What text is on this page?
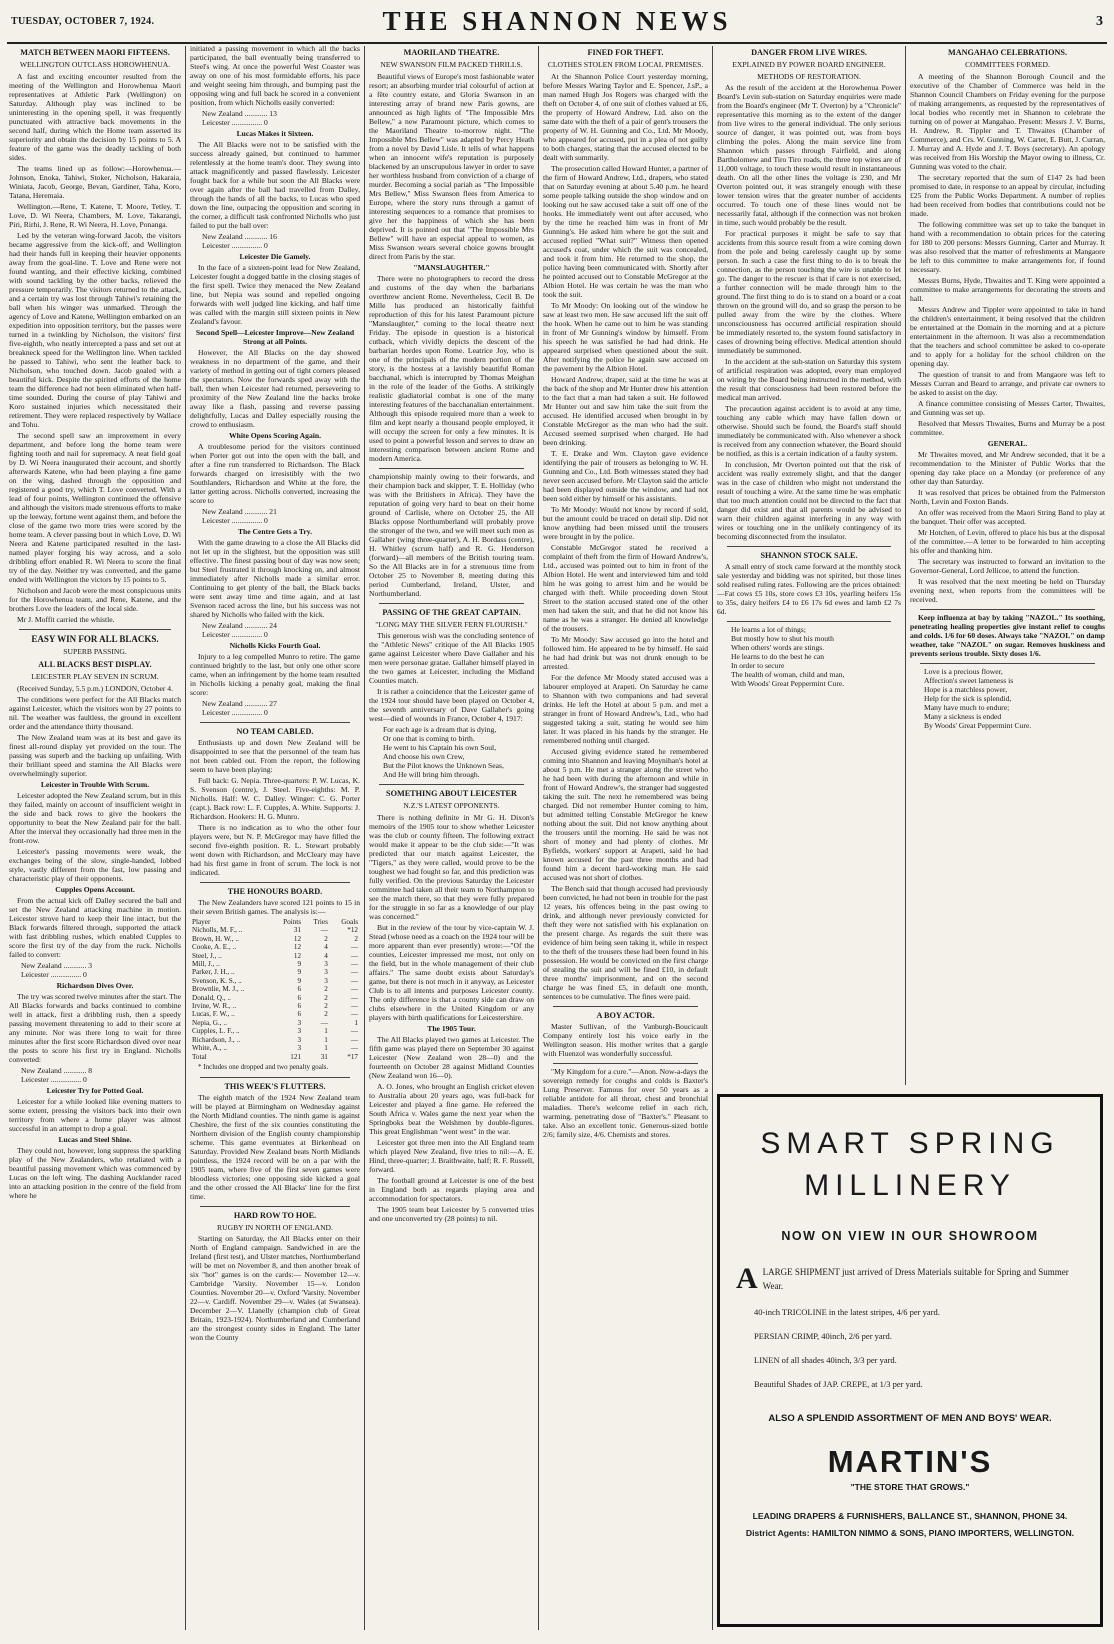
TUESDAY, OCTOBER 7, 1924.	THE SHANNON NEWS	3
MATCH BETWEEN MAORI FIFTEENS.
WELLINGTON OUTCLASS HOROWHENUA.

A fast and exciting encounter resulted from the meeting of the Wellington and Horowhenua Maori representatives at Athletic Park (Wellington) on Saturday. Although play was inclined to be uninteresting in the opening spell, it was frequently punctuated with attractive back movements in the second half, during which the Home team asserted its superiority and obtain the decision by 15 points to 5. A feature of the game was the deadly tackling of both sides.

The teams lined up as follow:—Horowhenua.—Johnson, Enoka, Tahiwi, Stoker, Nicholson, Hakaraia, Winiata, Jacob, George, Bevan, Gardiner, Taha, Koro, Tatana, Heremaia.

Wellington.—Rene, T. Katene, T. Moore, Tetley, T. Love, D. Wi Neera, Chambers, M. Love, Takarangi, Piri, Rirhi, J. Rene, R. Wi Neera, H. Love, Ponanga.

Led by the veteran wing-forward Jacob, the visitors became aggressive from the kick-off, and Wellington had their hands full in keeping their heavier opponents away from the goal-line. T. Love and Rene were not found wanting, and their effective kicking, combined with sound tackling by the other backs, relieved the pressure temporarily. The visitors returned to the attack, and a certain try was lost through Tahiwi's retaining the ball when his winger was unmarked. Through the agency of Love and Katene, Wellington embarked on an expedition into opposition territory, but the passes were turned in a twinkling by Nicholson, the visitors' first five-eighth, who neatly intercepted a pass and set out at breakneck speed for the Wellington line. When tackled he passed to Tahiwi, who sent the leather back to Nicholson, who touched down. Jacob goaled with a beautiful kick. Despite the spirited efforts of the home team the difference had not been eliminated when half-time sounded. During the course of play Tahiwi and Koro sustained injuries which necessitated their retirement. They were replaced respectively by Wallace and Tohu.

The second spell saw an improvement in every department, and before long the home team were fighting tooth and nail for supremacy. A neat field goal by D. Wi Neera inaugurated their account, and shortly afterwards Katene, who had been playing a fine game on the wing, dashed through the opposition and registered a good try, which T. Love converted. With a lead of four points, Wellington continued the offensive and although the visitors made strenuous efforts to make up the leeway, fortune went against them, and before the close of the game two more tries were scored by the home team. A clever passing bout in which Love, D. Wi Neera and Katene participated resulted in the last-named player forging his way across, and a solo dribbling effort enabled R. Wi Neera to score the final try of the day. Neither try was converted, and the game ended with Wellington the victors by 15 points to 5.

Nicholson and Jacob were the most conspicuous units for the Horowhenua team, and Rene, Katene, and the brothers Love the leaders of the local side.

Mr J. Moffit carried the whistle.

EASY WIN FOR ALL BLACKS.
SUPERB PASSING.
ALL BLACKS BEST DISPLAY.
LEICESTER PLAY SEVEN IN SCRUM.
(Received Sunday, 5.5 p.m.) LONDON, October 4.

The conditions were perfect for the All Blacks match against Leicester, which the visitors won by 27 points to nil. The weather was faultless, the ground in excellent order and the attendance thirty thousand.

The New Zealand team was at its best and gave its finest all-round display yet provided on the tour. The passing was superb and the backing up unfailing. With their brilliant speed and stamina the All Blacks were overwhelmingly superior.

Leicester in Trouble With Scrum.

Leicester adopted the New Zealand scrum, but in this they failed, mainly on account of insufficient weight in the side and back rows to give the hookers the opportunity to beat the New Zealand pair for the ball. After the interval they occasionally had three men in the front-row.

Leicester's passing movements were weak, the exchanges being of the slow, single-handed, lobbed style, vastly different from the fast, low passing and characteristic play of their opponents.

Cupples Opens Account.

From the actual kick off Dalley secured the ball and set the New Zealand attacking machine in motion. Leicester strove hard to keep their line intact, but the Black forwards filtered through, supported the attack with fast dribbling rushes, which enabled Cupples to score the first try of the day from the ruck. Nicholls failed to convert:

New Zealand ............ 3
Leicester ................ 0

Richardson Dives Over.

The try was scored twelve minutes after the start. The All Blacks forwards and backs continued to combine well in attack, first a dribbling rush, then a speedy passing movement threatening to add to their score at any minute. Nor was there long to wait for three minutes after the first score Richardson dived over near the posts to score his first try in England. Nicholls converted:

New Zealand ............ 8
Leicester ................ 0

Leicester Try for Potted Goal.

Leicester for a while looked like evening matters to some extent, pressing the visitors back into their own territory from where a home player was almost successful in an attempt to drop a goal.

Lucas and Steel Shine.

They could not, however, long suppress the sparkling play of the New Zealanders, who retaliated with a beautiful passing movement which was commenced by Lucas on the left wing. The dashing Aucklander raced into an attacking position in the centre of the field from where he

initiated a passing movement in which all the backs participated, the ball eventually being transferred to Steel's wing. At once the powerful West Coaster was away on one of his most formidable efforts, his pace and weight seeing him through, and bumping past the opposing wing and full back he scored in a convenient position, from which Nicholls easily converted:

New Zealand ............ 13
Leicester ................ 0

Lucas Makes it Sixteen.

The All Blacks were not to be satisfied with the success already gained, but continued to hammer relentlessly at the home team's door. They swung into attack magnificently and passed flawlessly. Leicester fought back for a while but soon the All Blacks were over again after the ball had travelled from Dalley, through the hands of all the backs, to Lucas who sped down the line, outpacing the opposition and scoring in the corner, a difficult task confronted Nicholls who just failed to put the ball over:

New Zealand ............ 16
Leicester ................ 0

Leicester Die Gamely.

In the face of a sixteen-point lead for New Zealand, Leicester fought a dogged battle in the closing stages of the first spell. Twice they menaced the New Zealand line, but Nepia was sound and repelled ongoing forwards with well judged line kicking, and half time was called with the margin still sixteen points in New Zealand's favour.

Second Spell—Leicester Improve—New Zealand Strong at all Points.

However, the All Blacks on the day showed weakness in no department of the game, and their variety of method in getting out of tight corners pleased the spectators. Now the forwards sped away with the ball, then when Leicester had returned, persevering to proximity of the New Zealand line the backs broke away like a flash, passing and reverse passing delightfully, Lucas and Dalley especially rousing the crowd to enthusiasm.

White Opens Scoring Again.

A troublesome period for the visitors continued when Porter got out into the open with the ball, and after a fine run transferred to Richardson. The Black forwards charged on irresistibly with the two Southlanders, Richardson and White at the fore, the latter getting across. Nicholls converted, increasing the score to

New Zealand ............ 21
Leicester ................ 0

The Centre Gets a Try.

With the game drawing to a close the All Blacks did not let up in the slightest, but the opposition was still effective. The finest passing bout of day was now seen; but Steel frustrated it through knocking on, and almost immediately after Nicholls made a similar error. Continuing to get plenty of the ball, the Black backs were sent away time and time again, and at last Svenson raced across the line, but his success was not shared by Nicholls who failed with the kick.

New Zealand ............ 24
Leicester ................ 0

Nicholls Kicks Fourth Goal.

Injury to a leg compelled Munro to retire. The game continued brightly to the last, but only one other score came, when an infringement by the home team resulted in Nicholls kicking a penalty goal, making the final score:

New Zealand ............ 27
Leicester ................ 0

NO TEAM CABLED.

Enthusiasts up and down New Zealand will be disappointed to see that the personnel of the team has not been cabled out. From the report, the following seem to have been playing:

Full back: G. Nepia. Three-quarters: P. W. Lucas, K. S. Svenson (centre), J. Steel. Five-eighths: M. P. Nicholls. Half: W. C. Dalley. Winger: C. G. Porter (capt.). Back row: L. F. Cupples, A. White. Supports: J. Richardson. Hookers: H. G. Munro.

There is no indication as to who the other four players were, but N. P. McGregor may have filled the second five-eighth position. R. L. Stewart probably went down with Richardson, and McCleary may have had his first game in front of scrum. The lock is not indicated.

THE HONOURS BOARD.

The New Zealanders have scored 121 points to 15 in their seven British games. The analysis is:—

Player	Points	Tries	Goals
Nicholls, M. F., ..	31	—	*12
Brown, H. W., ..	12	2	2
Cooke, A. E., ..	12	4	—
Steel, J., ..	12	4	—
Mill, J., ..	9	3	—
Parker, J. H., ..	9	3	—
Svenson, K. S., ..	9	3	—
Brownlie, M. J., ..	6	2	—
Donald, Q., ..	6	2	—
Irvine, W. R., ..	6	2	—
Lucas, F. W., ..	6	2	—
Nepia, G., ..	3	—	1
Cupples, L. F., ..	3	1	—
Richardson, J., ..	3	1	—
White, A., ..	3	1	—
Total	121	31	*17

* Includes one dropped and two penalty goals.

THIS WEEK'S FLUTTERS.

The eighth match of the 1924 New Zealand team will be played at Birmingham on Wednesday against the North Midland counties. The ninth game is against Cheshire, the first of the six counties constituting the Northern division of the English county championship scheme. This game eventuates at Birkenhead on Saturday. Provided New Zealand beats North Midlands pointless, the 1924 record will be on a par with the 1905 team, where five of the first seven games were bloodless victories; one opposing side kicked a goal and the other crossed the All Blacks' line for the first time.

HARD ROW TO HOE.
RUGBY IN NORTH OF ENGLAND.

Starting on Saturday, the All Blacks enter on their North of England campaign. Sandwiched in are the Ireland (first test), and Ulster matches, Northumberland will be met on November 8, and then another break of six "hot" games is on the cards:— November 12—v. Cambridge 'Varsity. November 15—v. London Counties. November 20—v. Oxford 'Varsity. November 22—v. Cardiff. November 29—v. Wales (at Swansea). December 2—V. Llanelly (champion club of Great Britain, 1923-1924). Northumberland and Cumberland are the strongest county sides in England. The latter won the County

MAORILAND THEATRE.
NEW SWANSON FILM PACKED THRILLS.

Beautiful views of Europe's most fashionable water resort; an absorbing murder trial colourful of action at a fête country estate, and Gloria Swanson in an interesting array of brand new Paris gowns, are announced as high lights of "The Impossible Mrs Bellew," a new Paramount picture, which comes to the Maoriland Theatre to-morrow night. "The Impossible Mrs Bellew" was adapted by Percy Heath from a novel by David Lisle. It tells of what happens when an innocent wife's reputation is purposely blackened by an unscrupulous lawyer in order to save her worthless husband from conviction of a charge of murder. Becoming a social pariah as "The Impossible Mrs Bellew," Miss Swanson flees from America to Europe, where the story runs through a gamut of interesting sequences to a romance that promises to give her the happiness of which she has been deprived. It is pointed out that "The Impossible Mrs Bellew" will have an especial appeal to women, as Miss Swanson wears several choice gowns brought direct from Paris by the star.

"MANSLAUGHTER."

There were no photographers to record the dress and customs of the day when the barbarians overthrew ancient Rome. Nevertheless, Cecil B. De Mille has produced an historically faithful reproduction of this for his latest Paramount picture "Manslaughter," coming to the local theatre next Friday. The episode in question is a historical cutback, which vividly depicts the descent of the barbarian hordes upon Rome. Leatrice Joy, who is one of the principals of the modern portion of the story, is the hostess at a lavishly beautiful Roman bacchanal, which is interrupted by Thomas Meighan in the role of the leader of the Goths. A strikingly realistic gladiatorial combat is one of the many interesting features of the bacchanalian entertainment. Although this episode required more than a week to film and kept nearly a thousand people employed, it will occupy the screen for only a few minutes. It is used to point a powerful lesson and serves to draw an interesting comparison between ancient Rome and modern America.

championship mainly owing to their forwards, and their champion back and skipper, T. E. Holliday (who was with the Britishers in Africa). They have the reputation of going very hard to beat on their home ground of Carlisle, where on October 25, the All Blacks oppose Northumberland will probably prove the stronger of the two, and we will meet such men as Gallaher (wing three-quarter), A. H. Bordass (centre), H. Whitley (scrum half) and R. G. Henderson (forward)—all members of the British touring team. So the All Blacks are in for a strenuous time from October 25 to November 8, meeting during this period Cumberland, Ireland, Ulster, and Northumberland.

PASSING OF THE GREAT CAPTAIN.
"LONG MAY THE SILVER FERN FLOURISH."

This generous wish was the concluding sentence of the "Athletic News" critique of the All Blacks 1905 game against Leicester where Dave Gallaher and his men were personae gratae. Gallaher himself played in the two games at Leicester, including the Midland Counties match.

It is rather a coincidence that the Leicester game of the 1924 tour should have been played on October 4, the seventh anniversary of Dave Gallaher's going west—died of wounds in France, October 4, 1917:

For each age is a dream that is dying,
Or one that is coming to birth.
He went to his Captain his own Soul,
And choose his own Crew,
But the Pilot knows the Unknown Seas,
And He will bring him through.

SOMETHING ABOUT LEICESTER
N.Z.'S LATEST OPPONENTS.

There is nothing definite in Mr G. H. Dixon's memoirs of the 1905 tour to show whether Leicester was the club or county fifteen. The following extract would make it appear to be the club side:—"It was predicted that our match against Leicester, the "Tigers," as they were called, would prove to be the toughest we had fought so far, and this prediction was fully verified. On the previous Saturday the Leicester committee had taken all their team to Northampton to see the match there, so that they were fully prepared for the struggle in so far as a knowledge of our play was concerned."

But in the review of the tour by vice-captain W. J. Stead (whose need as a coach on the 1924 tour will be more apparent than ever presently) wrote:—"Of the counties, Leicester impressed me most, not only on the field, but in the whole management of their club affairs." The same doubt exists about Saturday's game, but there is not much in it anyway, as Leicester Club is to all intents and purposes Leicester county. The only difference is that a county side can draw on clubs elsewhere in the United Kingdom or any players with birth qualifications for Leicestershire.

The 1905 Tour.

The All Blacks played two games at Leicester. The fifth game was played there on September 30 against Leicester (New Zealand won 28—0) and the fourteenth on October 28 against Midland Counties (New Zealand won 16—0).

A. O. Jones, who brought an English cricket eleven to Australia about 20 years ago, was full-back for Leicester and played a fine game. He refereed the South Africa v. Wales game the next year when the Springboks beat the Welshmen by double-figures. This great Englishman "went west" in the war.

Leicester got three men into the All England team which played New Zealand, five tries to nil:—A. E. Hind, three-quarter; J. Braithwaite, half; R. F. Russell, forward.

The football ground at Leicester is one of the best in England both as regards playing area and accommodation for spectators.

The 1905 team beat Leicester by 5 converted tries and one unconverted try (28 points) to nil.

FINED FOR THEFT.
CLOTHES STOLEN FROM LOCAL PREMISES.

At the Shannon Police Court yesterday morning, before Messrs Waring Taylor and E. Spencer, J.sP., a man named Hugh Jos Rogers was charged with the theft on October 4, of one suit of clothes valued at £6, the property of Howard Andrew, Ltd. also on the same date with the theft of a pair of gent's trousers the property of W. H. Gunning and Co., Ltd. Mr Moody, who appeared for accused, put in a plea of not guilty to both charges, stating that the accused elected to be dealt with summarily.

The prosecution called Howard Hunter, a partner of the firm of Howard Andrew, Ltd., drapers, who stated that on Saturday evening at about 5.40 p.m. he heard some people talking outside the shop window and on looking out he saw accused take a suit off one of the hooks. He immediately went out after accused, who by the time he reached him was in front of Mr Gunning's. He asked him where he got the suit and accused replied "What suit?" Witness then opened accused's coat, under which the suit was concealed, and took it from him. He returned to the shop, the police having been communicated with. Shortly after he pointed accused out to Constable McGregor at the Albion Hotel. He was certain he was the man who took the suit.

To Mr Moody: On looking out of the window he saw at least two men. He saw accused lift the suit off the hook. When he came out to him he was standing in front of Mr Gunning's window by himself. From his speech he was satisfied he had had drink. He appeared surprised when questioned about the suit. After notifying the police he again saw accused on the pavement by the Albion Hotel.

Howard Andrew, draper, said at the time he was at the back of the shop and Mr Hunter drew his attention to the fact that a man had taken a suit. He followed Mr Hunter out and saw him take the suit from the accused. He identified accused when brought in by Constable McGregor as the man who had the suit. Accused seemed surprised when charged. He had been drinking.

T. E. Drake and Wm. Clayton gave evidence identifying the pair of trousers as belonging to W. H. Gunning and Co., Ltd. Both witnesses stated they had never seen accused before. Mr Clayton said the article had been displayed outside the window, and had not been sold either by himself or his assistants.

To Mr Moody: Would not know by record if sold, but the amount could be traced on detail slip. Did not know anything had been missed until the trousers were brought in by the police.

Constable McGregor stated he received a complaint of theft from the firm of Howard Andrew's, Ltd., accused was pointed out to him in front of the Albion Hotel. He went and interviewed him and told him he was going to arrest him and he would be charged with theft. While proceeding down Stout Street to the station accused stated one of the other men had taken the suit, and that he did not know his name as he was a stranger. He denied all knowledge of the trousers.

To Mr Moody: Saw accused go into the hotel and followed him. He appeared to be by himself. He said he had had drink but was not drunk enough to be arrested.

For the defence Mr Moody stated accused was a labourer employed at Arapeti. On Saturday he came to Shannon with two companions and had several drinks. He left the Hotel at about 5 p.m. and met a stranger in front of Howard Andrew's, Ltd., who had suggested taking a suit, stating he would see him later. It was placed in his hands by the stranger. He remembered nothing until charged.

Accused giving evidence stated he remembered coming into Shannon and leaving Moynihan's hotel at about 5 p.m. He met a stranger along the street who he had been with during the afternoon and while in front of Howard Andrew's, the stranger had suggested taking the suit. The next he remembered was being charged. Did not remember Hunter coming to him, but admitted telling Constable McGregor he knew nothing about the suit. Did not know anything about the trousers until the morning. He said he was not short of money and had plenty of clothes. Mr Byfields, workers' support at Arapeti, said he had known accused for the past three months and had found him a decent hard-working man. He said accused was not short of clothes.

The Bench said that though accused had previously been convicted, he had not been in trouble for the past 12 years, his offences being in the past owing to drink, and although never previously convicted for theft they were not satisfied with his explanation on the present charge. As regards the suit there was evidence of him being seen taking it, while in respect to the theft of the trousers these had been found in his possession. He would be convicted on the first charge of stealing the suit and will be fined £10, in default three months' imprisonment, and on the second charge he was fined £5, in default one month, sentences to be cumulative. The fines were paid.

A BOY ACTOR.

Master Sullivan, of the Vanburgh-Boucicault Company entirely lost his voice early in the Wellington season. His mother writes that a gargle with Fluenzol was wonderfully successful.

"My Kingdom for a cure."—Anon. Now-a-days the sovereign remedy for coughs and colds is Baxter's Lung Preserver. Famous for over 50 years as a reliable antidote for all throat, chest and bronchial maladies. There's welcome relief in each rich, warming, penetrating dose of "Baxter's." Pleasant to take. Also an excellent tonic. Generous-sized bottle 2/6; family size, 4/6. Chemists and stores.

DANGER FROM LIVE WIRES.
EXPLAINED BY POWER BOARD ENGINEER.
METHODS OF RESTORATION.

As the result of the accident at the Horowhenua Power Board's Levin sub-station on Saturday enquiries were made from the Board's engineer (Mr T. Overton) by a "Chronicle" representative this morning as to the extent of the danger from live wires to the general individual. The only serious source of danger, it was pointed out, was from boys climbing the poles. Along the main service line from Shannon which passes through Fairfield, and along Bartholomew and Tiro Tiro roads, the three top wires are of 11,000 voltage, to touch these would result in instantaneous death. On all the other lines the voltage is 230, and Mr Overton pointed out, it was strangely enough with these lower tension wires that the greater number of accidents occurred. To touch one of these lines would not be necessarily fatal, although if the connection was not broken in time, such would probably be the result.

For practical purposes it might be safe to say that accidents from this source result from a wire coming down from the pole and being carelessly caught up by some person. In such a case the first thing to do is to break the connection, as the person touching the wire is unable to let go. The danger to the rescuer is that if care is not exercised, a further connection will be made through him to the ground. The first thing to do is to stand on a board or a coat thrown on the ground will do, and so grasp the person to be pulled away from the wire by the clothes. Where unconsciousness has occurred artificial respiration should be immediately resorted to, the system found satisfactory in cases of drowning being effective. Medical attention should immediately be summoned.

In the accident at the sub-station on Saturday this system of artificial respiration was adopted, every man employed on wiring by the Board being instructed in the method, with the result that consciousness had been restored before the medical man arrived.

The precaution against accident is to avoid at any time, touching any cable which may have fallen down or otherwise. Should such be found, the Board's staff should immediately be communicated with. Also whenever a shock is received from any connection whatever, the Board should be notified, as this is a certain indication of a faulty system.

In conclusion, Mr Overton pointed out that the risk of accident was really extremely slight, and that the danger was in the case of children who might not understand the result of touching a wire. At the same time he was emphatic that too much attention could not be directed to the fact that danger did exist and that all parents would be advised to warn their children against interfering in any way with wires or touching one in the unlikely contingency of its becoming disconnected from the insulator.

SHANNON STOCK SALE.

A small entry of stock came forward at the monthly stock sale yesterday and bidding was not spirited, but those lines sold realised ruling rates. Following are the prices obtained:—Fat cows £5 10s, store cows £3 10s, yearling heifers 15s to 35s, dairy heifers £4 to £6 17s 6d ewes and lamb £2 7s 6d.

He learns a lot of things;
But mostly how to shut his mouth
When others' words are stings.
He learns to do the best he can
In order to secure
The health of woman, child and man,
With Woods' Great Peppermint Cure.

MANGAHAO CELEBRATIONS.
COMMITTEES FORMED.

A meeting of the Shannon Borough Council and the executive of the Chamber of Commerce was held in the Shannon Council Chambers on Friday evening for the purpose of making arrangements, as requested by the representatives of local bodies who recently met in Shannon to celebrate the turning on of power at Mangahao. Present: Messrs J. V. Burns, H. Andrew, R. Tippler and T. Thwaites (Chamber of Commerce), and Crs. W. Gunning, W. Carter, E. Butt, J. Curran, J. Murray and A. Hyde and J. T. Boys (secretary). An apology was received from His Worship the Mayor owing to illness, Cr. Gunning was voted to the chair.

The secretary reported that the sum of £147 2s had been promised to date, in response to an appeal by circular, including £25 from the Public Works Department. A number of replies had been received from bodies that contributions could not be made.

The following committee was set up to take the banquet in hand with a recommendation to obtain prices for the catering for 180 to 200 persons: Messrs Gunning, Carter and Murray. It was also resolved that the matter of refreshments at Mangaore be left to this committee to make arrangements for, if found necessary.

Messrs Burns, Hyde, Thwaites and T. King were appointed a committee to make arrangements for decorating the streets and hall.

Messrs Andrew and Tippler were appointed to take in hand the children's entertainment, it being resolved that the children be entertained at the Domain in the morning and at a picture entertainment in the afternoon. It was also a recommendation that the teachers and school committee be asked to co-operate and to apply for a holiday for the school children on the opening day.

The question of transit to and from Mangaore was left to Messrs Curran and Beard to arrange, and private car owners to be asked to assist on the day.

A finance committee consisting of Messrs Carter, Thwaites, and Gunning was set up.

Resolved that Messrs Thwaites, Burns and Murray be a post committee.

GENERAL.

Mr Thwaites moved, and Mr Andrew seconded, that it be a recommendation to the Minister of Public Works that the opening day take place on a Monday (or preference of any other day than Saturday.

It was resolved that prices be obtained from the Palmerston North, Levin and Foxton Bands.

An offer was received from the Maori String Band to play at the banquet. Their offer was accepted.

Mr Hotchen, of Levin, offered to place his bus at the disposal of the committee.—A letter to be forwarded to him accepting his offer and thanking him.

The secretary was instructed to forward an invitation to the Governor-General, Lord Jellicoe, to attend the function.

It was resolved that the next meeting be held on Thursday evening next, when reports from the committees will be received.

Keep influenza at bay by taking "NAZOL." Its soothing, penetrating healing properties give instant relief to coughs and colds. 1/6 for 60 doses. Always take "NAZOL" on damp weather, take "NAZOL" on sugar. Removes huskiness and prevents serious trouble. Sixty doses 1/6.

Love is a precious flower,
Affection's sweet lameness is
Hope is a matchless power,
Help for the sick is splendid,
Many have much to endure;
Many a sickness is ended
By Woods' Great Peppermint Cure.

SMART SPRING
MILLINERY
NOW ON VIEW IN OUR SHOWROOM
A LARGE SHIPMENT just arrived of Dress Materials suitable for Spring and Summer Wear.
40-inch TRICOLINE in the latest stripes, 4/6 per yard.
PERSIAN CRIMP, 40inch, 2/6 per yard.
LINEN of all shades 40inch, 3/3 per yard.
Beautiful Shades of JAP. CREPE, at 1/3 per yard.
ALSO A SPLENDID ASSORTMENT OF MEN AND BOYS' WEAR.
MARTIN'S
"THE STORE THAT GROWS."
LEADING DRAPERS & FURNISHERS, BALLANCE ST., SHANNON, PHONE 34.
District Agents: HAMILTON NIMMO & SONS, PIANO IMPORTERS, WELLINGTON.
